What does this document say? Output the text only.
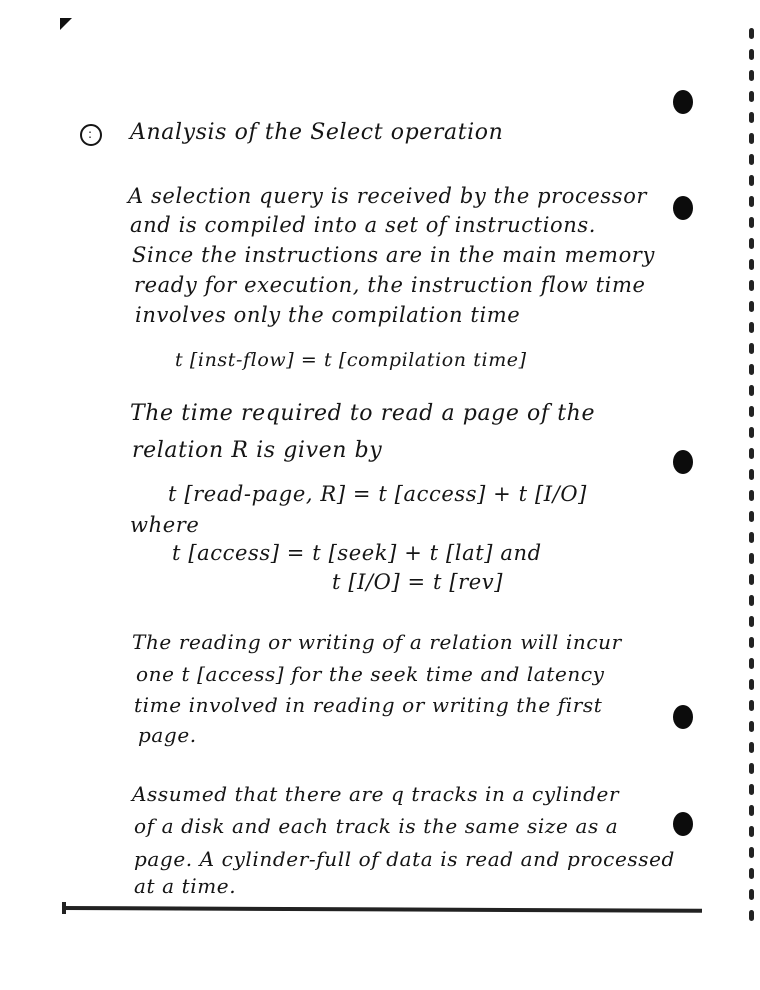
: Analysis of the Select operation
A selection query is received by the processor
and is compiled into a set of instructions.
Since the instructions are in the main memory
ready for execution, the instruction flow time
involves only the compilation time
t [inst-flow] = t [compilation time]
The time required to read a page of the
relation R is given by
t [read-page, R] = t [access] + t [I/O]
where
t [access] = t [seek] + t [lat] and
t [I/O] = t [rev]
The reading or writing of a relation will incur
one t [access] for the seek time and latency
time involved in reading or writing the first
page.
Assumed that there are q tracks in a cylinder
of a disk and each track is the same size as a
page. A cylinder-full of data is read and processed
at a time.
